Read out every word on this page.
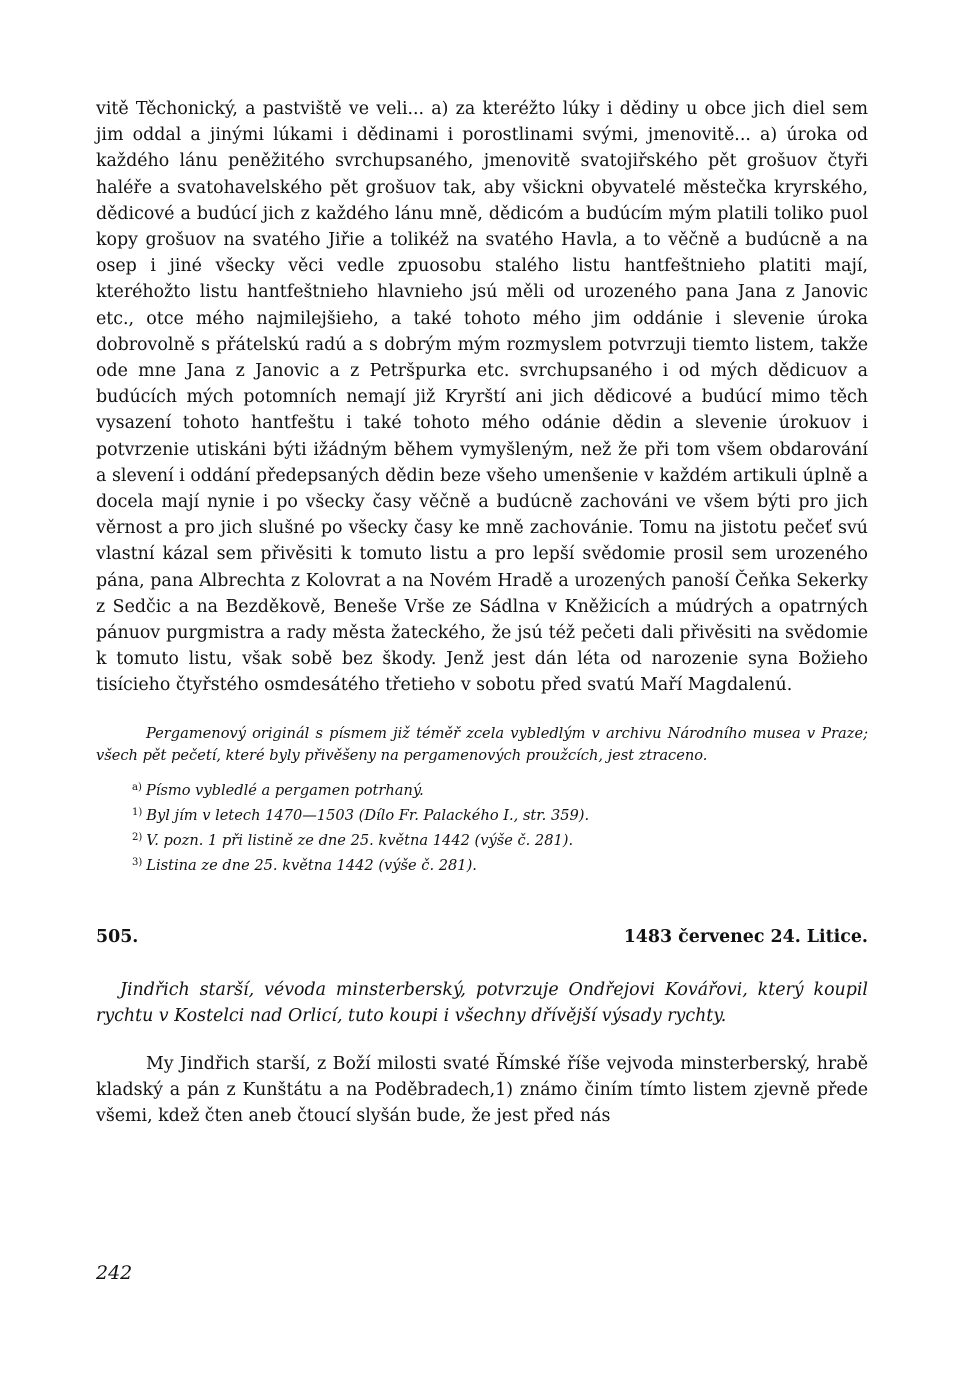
vitě Těchonický, a pastviště ve veli... a) za kteréžto lúky i dědiny u obce jich diel sem jim oddal a jinými lúkami i dědinami i porostlinami svými, jmenovitě... a) úroka od každého lánu peněžitého svrchupsaného, jmenovitě svatojiřského pět grošuov čtyři haléře a svatohavelského pět grošuov tak, aby všickni obyvatelé městečka kryrského, dědicové a budúcí jich z každého lánu mně, dědicóm a budúcím mým platili toliko puol kopy grošuov na svatého Jiřie a tolikéž na svatého Havla, a to věčně a budúcně a na osep i jiné všecky věci vedle zpuosobu stalého listu hantfeštnieho platiti mají, kteréhožto listu hantfeštnieho hlavnieho jsú měli od urozeného pana Jana z Janovic etc., otce mého najmilejšieho, a také tohoto mého jim oddánie i slevenie úroka dobrovolně s přátelskú radú a s dobrým mým rozmyslem potvrzuji tiemto listem, takže ode mne Jana z Janovic a z Petršpurka etc. svrchupsaného i od mých dědicuov a budúcích mých potomních nemají již Kryrští ani jich dědicové a budúcí mimo těch vysazení tohoto hantfeštu i také tohoto mého odánie dědin a slevenie úrokuov i potvrzenie utiskáni býti ižádným během vymyšleným, než že při tom všem obdarování a slevení i oddání předepsaných dědin beze všeho umenšenie v každém artikuli úplně a docela mají nynie i po všecky časy věčně a budúcně zachováni ve všem býti pro jich věrnost a pro jich slušné po všecky časy ke mně zachovánie. Tomu na jistotu pečeť svú vlastní kázal sem přivěsiti k tomuto listu a pro lepší svědomie prosil sem urozeného pána, pana Albrechta z Kolovrat a na Novém Hradě a urozených panoší Čeňka Sekerky z Sedčic a na Bezděkově, Beneše Vrše ze Sádlna v Kněžicích a múdrých a opatrných pánuov purgmistra a rady města žateckého, že jsú též pečeti dali přivěsiti na svědomie k tomuto listu, však sobě bez škody. Jenž jest dán léta od narozenie syna Božieho tisícieho čtyřstého osmdesátého třetieho v sobotu před svatú Maří Magdalenú.

Pergamenový originál s písmem již téměř zcela vybledlým v archivu Národního musea v Praze; všech pět pečetí, které byly přivěšeny na pergamenových proužcích, jest ztraceno.

$^{a)}$ Písmo vybledlé a pergamen potrhaný.
$^{1)}$ Byl jím v letech 1470—1503 (Dílo Fr. Palackého I., str. 359).
$^{2)}$ V. pozn. 1 při listině ze dne 25. května 1442 (výše č. 281).
$^{3)}$ Listina ze dne 25. května 1442 (výše č. 281).
505.	1483 červenec 24. Litice.

Jindřich starší, vévoda minsterberský, potvrzuje Ondřejovi Kovářovi, který koupil rychtu v Kostelci nad Orlicí, tuto koupi i všechny dřívější výsady rychty.

My Jindřich starší, z Boží milosti svaté Římské říše vejvoda minsterberský, hrabě kladský a pán z Kunštátu a na Poděbradech,1) známo činím tímto listem zjevně přede všemi, kdež čten aneb čtoucí slyšán bude, že jest před nás

242
